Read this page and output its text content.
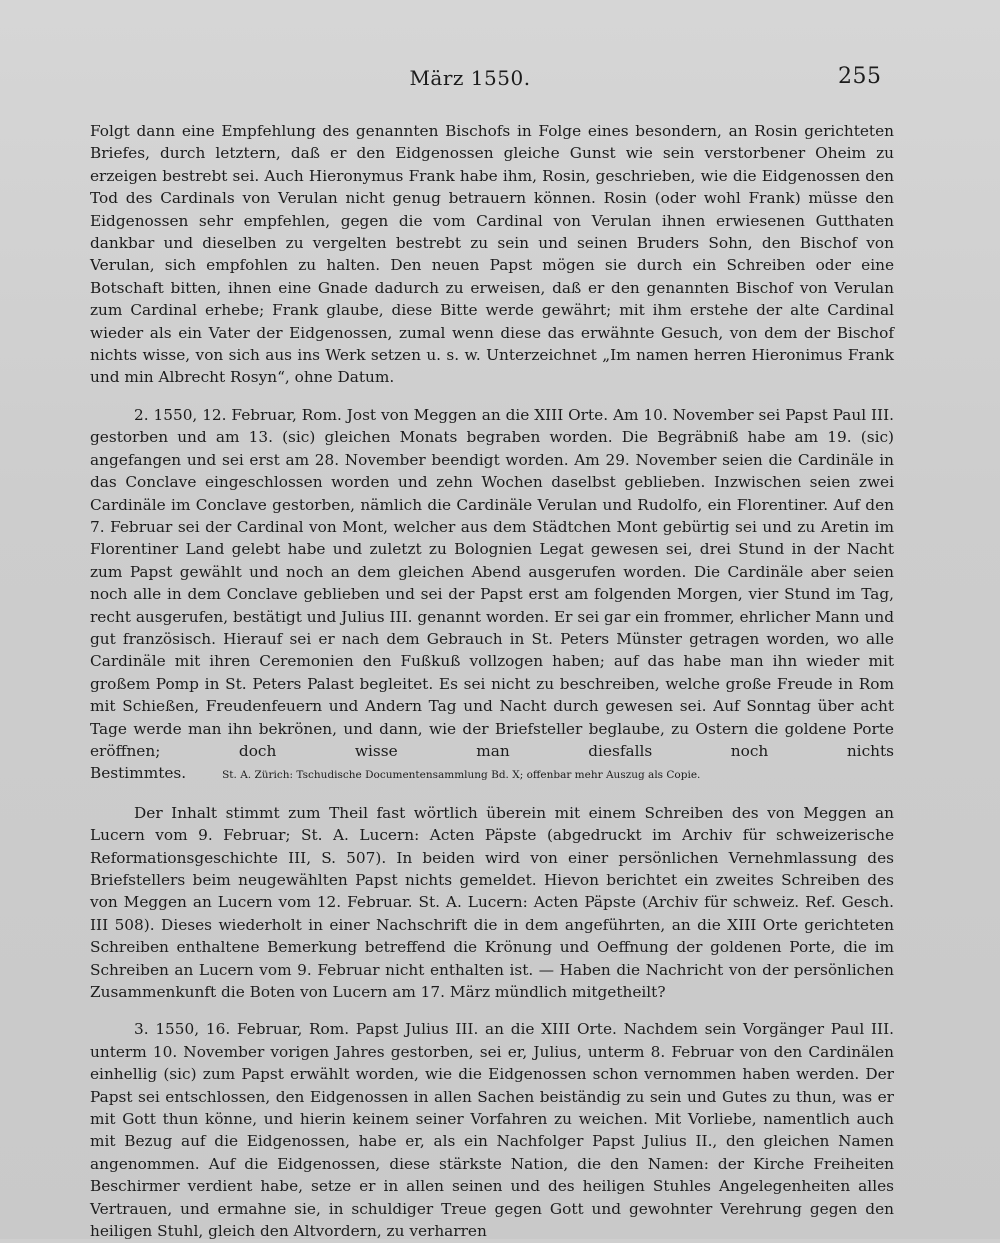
März 1550.	255

Folgt dann eine Empfehlung des genannten Bischofs in Folge eines besondern, an Rosin gerichteten Briefes, durch letztern, daß er den Eidgenossen gleiche Gunst wie sein verstorbener Oheim zu erzeigen bestrebt sei. Auch Hieronymus Frank habe ihm, Rosin, geschrieben, wie die Eidgenossen den Tod des Cardinals von Verulan nicht genug betrauern können. Rosin (oder wohl Frank) müsse den Eidgenossen sehr empfehlen, gegen die vom Cardinal von Verulan ihnen erwiesenen Gutthaten dankbar und dieselben zu vergelten bestrebt zu sein und seinen Bruders Sohn, den Bischof von Verulan, sich empfohlen zu halten. Den neuen Papst mögen sie durch ein Schreiben oder eine Botschaft bitten, ihnen eine Gnade dadurch zu erweisen, daß er den genannten Bischof von Verulan zum Cardinal erhebe; Frank glaube, diese Bitte werde gewährt; mit ihm erstehe der alte Cardinal wieder als ein Vater der Eidgenossen, zumal wenn diese das erwähnte Gesuch, von dem der Bischof nichts wisse, von sich aus ins Werk setzen u. s. w. Unterzeichnet „Im namen herren Hieronimus Frank und min Albrecht Rosyn“, ohne Datum.

2. 1550, 12. Februar, Rom. Jost von Meggen an die XIII Orte. Am 10. November sei Papst Paul III. gestorben und am 13. (sic) gleichen Monats begraben worden. Die Begräbniß habe am 19. (sic) angefangen und sei erst am 28. November beendigt worden. Am 29. November seien die Cardinäle in das Conclave eingeschlossen worden und zehn Wochen daselbst geblieben. Inzwischen seien zwei Cardinäle im Conclave gestorben, nämlich die Cardinäle Verulan und Rudolfo, ein Florentiner. Auf den 7. Februar sei der Cardinal von Mont, welcher aus dem Städtchen Mont gebürtig sei und zu Aretin im Florentiner Land gelebt habe und zuletzt zu Bolognien Legat gewesen sei, drei Stund in der Nacht zum Papst gewählt und noch an dem gleichen Abend ausgerufen worden. Die Cardinäle aber seien noch alle in dem Conclave geblieben und sei der Papst erst am folgenden Morgen, vier Stund im Tag, recht ausgerufen, bestätigt und Julius III. genannt worden. Er sei gar ein frommer, ehrlicher Mann und gut französisch. Hierauf sei er nach dem Gebrauch in St. Peters Münster getragen worden, wo alle Cardinäle mit ihren Ceremonien den Fußkuß vollzogen haben; auf das habe man ihn wieder mit großem Pomp in St. Peters Palast begleitet. Es sei nicht zu beschreiben, welche große Freude in Rom mit Schießen, Freudenfeuern und Andern Tag und Nacht durch gewesen sei. Auf Sonntag über acht Tage werde man ihn bekrönen, und dann, wie der Briefsteller beglaube, zu Ostern die goldene Porte eröffnen; doch wisse man diesfalls noch nichts Bestimmtes.	St. A. Zürich: Tschudische Documentensammlung Bd. X; offenbar mehr Auszug als Copie.

Der Inhalt stimmt zum Theil fast wörtlich überein mit einem Schreiben des von Meggen an Lucern vom 9. Februar; St. A. Lucern: Acten Päpste (abgedruckt im Archiv für schweizerische Reformationsgeschichte III, S. 507). In beiden wird von einer persönlichen Vernehmlassung des Briefstellers beim neugewählten Papst nichts gemeldet. Hievon berichtet ein zweites Schreiben des von Meggen an Lucern vom 12. Februar. St. A. Lucern: Acten Päpste (Archiv für schweiz. Ref. Gesch. III 508). Dieses wiederholt in einer Nachschrift die in dem angeführten, an die XIII Orte gerichteten Schreiben enthaltene Bemerkung betreffend die Krönung und Oeffnung der goldenen Porte, die im Schreiben an Lucern vom 9. Februar nicht enthalten ist. — Haben die Nachricht von der persönlichen Zusammenkunft die Boten von Lucern am 17. März mündlich mitgetheilt?

3. 1550, 16. Februar, Rom. Papst Julius III. an die XIII Orte. Nachdem sein Vorgänger Paul III. unterm 10. November vorigen Jahres gestorben, sei er, Julius, unterm 8. Februar von den Cardinälen einhellig (sic) zum Papst erwählt worden, wie die Eidgenossen schon vernommen haben werden. Der Papst sei entschlossen, den Eidgenossen in allen Sachen beiständig zu sein und Gutes zu thun, was er mit Gott thun könne, und hierin keinem seiner Vorfahren zu weichen. Mit Vorliebe, namentlich auch mit Bezug auf die Eidgenossen, habe er, als ein Nachfolger Papst Julius II., den gleichen Namen angenommen. Auf die Eidgenossen, diese stärkste Nation, die den Namen: der Kirche Freiheiten Beschirmer verdient habe, setze er in allen seinen und des heiligen Stuhles Angelegenheiten alles Vertrauen, und ermahne sie, in schuldiger Treue gegen Gott und gewohnter Verehrung gegen den heiligen Stuhl, gleich den Altvordern, zu verharren
